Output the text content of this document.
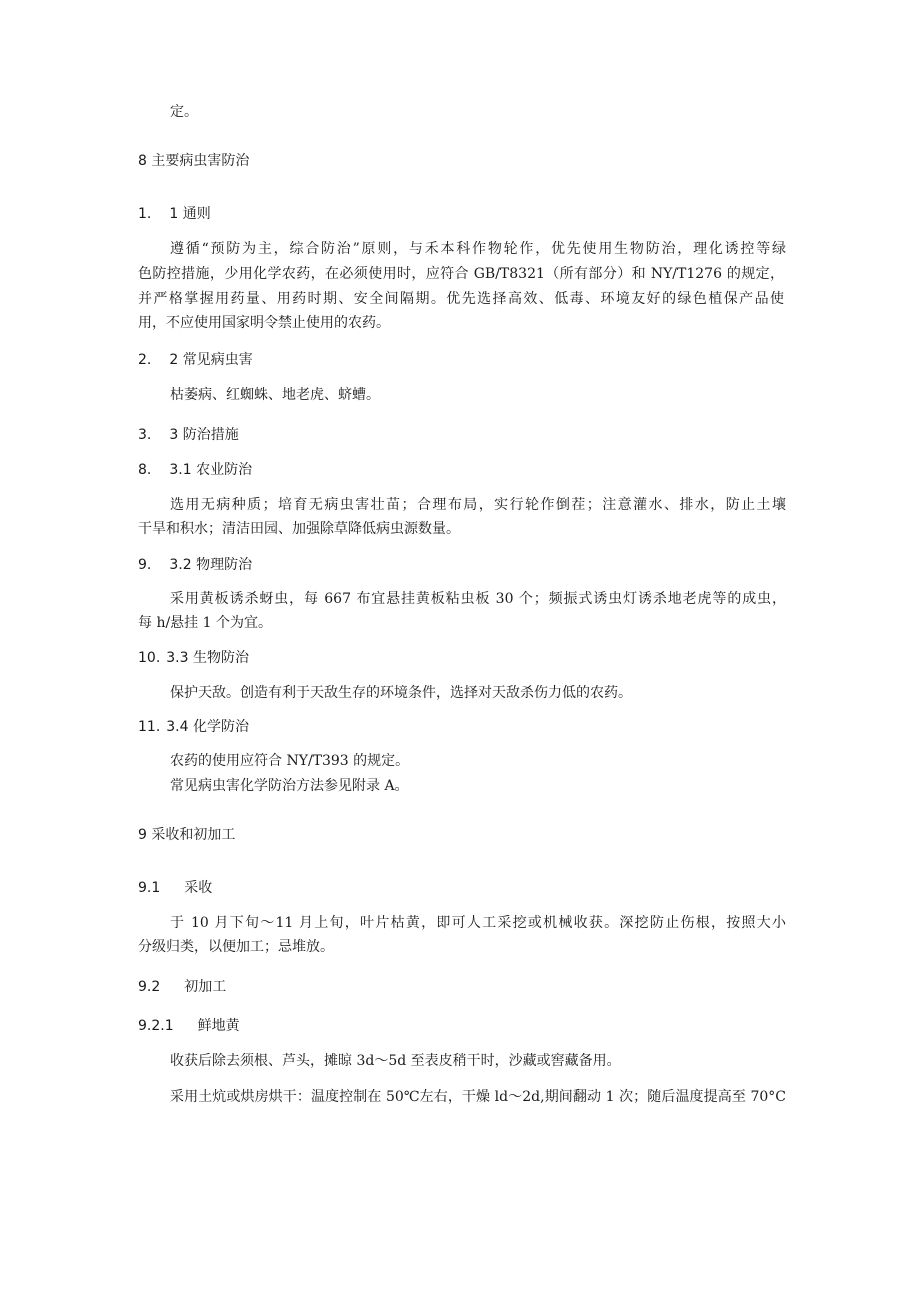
定。
8 主要病虫害防治
1. 1 通则
遵循“预防为主，综合防治”原则，与禾本科作物轮作，优先使用生物防治，理化诱控等绿
色防控措施，少用化学农药，在必须使用时，应符合 GB/T8321（所有部分）和 NY/T1276 的规定，
并严格掌握用药量、用药时期、安全间隔期。优先选择高效、低毒、环境友好的绿色植保产品使
用，不应使用国家明令禁止使用的农药。
2. 2 常见病虫害
枯萎病、红蜘蛛、地老虎、蛴螬。
3. 3 防治措施
8. 3.1 农业防治
选用无病种质；培育无病虫害壮苗；合理布局，实行轮作倒茬；注意灌水、排水，防止土壤
干旱和积水；清洁田园、加强除草降低病虫源数量。
9. 3.2 物理防治
采用黄板诱杀蚜虫，每 667 布宜悬挂黄板粘虫板 30 个；频振式诱虫灯诱杀地老虎等的成虫，
每 h/悬挂 1 个为宜。
10. 3.3 生物防治
保护天敌。创造有利于天敌生存的环境条件，选择对天敌杀伤力低的农药。
11. 3.4 化学防治
农药的使用应符合 NY/T393 的规定。
常见病虫害化学防治方法参见附录 A。
9 采收和初加工
9.1 采收
于 10 月下旬～11 月上旬，叶片枯黄，即可人工采挖或机械收获。深挖防止伤根，按照大小
分级归类，以便加工；忌堆放。
9.2 初加工
9.2.1 鲜地黄
收获后除去须根、芦头，摊晾 3d～5d 至表皮稍干时，沙藏或窖藏备用。
采用土炕或烘房烘干：温度控制在 50℃左右，干燥 ld～2d,期间翻动 1 次；随后温度提高至 70°C
